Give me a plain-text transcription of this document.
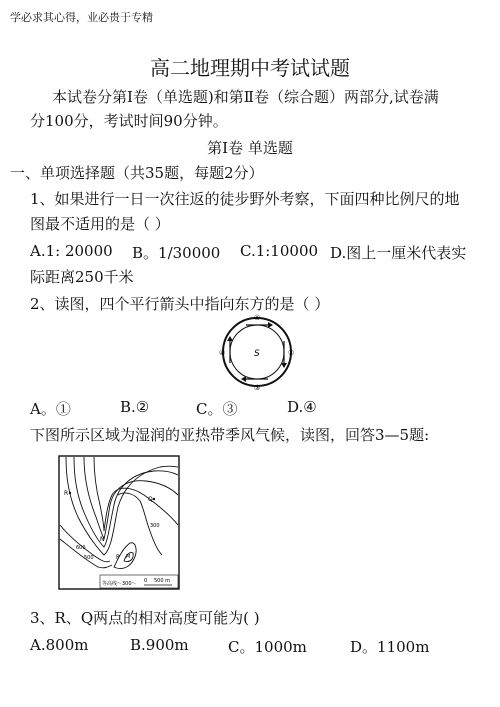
学必求其心得，业必贵于专精
高二地理期中考试试题
本试卷分第Ⅰ卷（单选题)和第Ⅱ卷（综合题）两部分,试卷满
分100分，考试时间90分钟。
第Ⅰ卷 单选题
一、单项选择题（共35题，每题2分）
1、如果进行一日一次往返的徒步野外考察，下面四种比例尺的地
图最不适用的是（ ）
A.1: 20000 B。1/30000 C.1:10000 D.图上一厘米代表实
际距离250千米
2、读图，四个平行箭头中指向东方的是（ ）
S
①
②
③
④
A。①	B.②	C。③	D.④
下图所示区域为湿润的亚热带季风气候，读图，回答3—5题:
R
Q
N
M
P
300
600
500
等高线～300～ 0 500 m
3、R、Q两点的相对高度可能为( )
A.800m	B.900m	C。1000m	D。1100m
